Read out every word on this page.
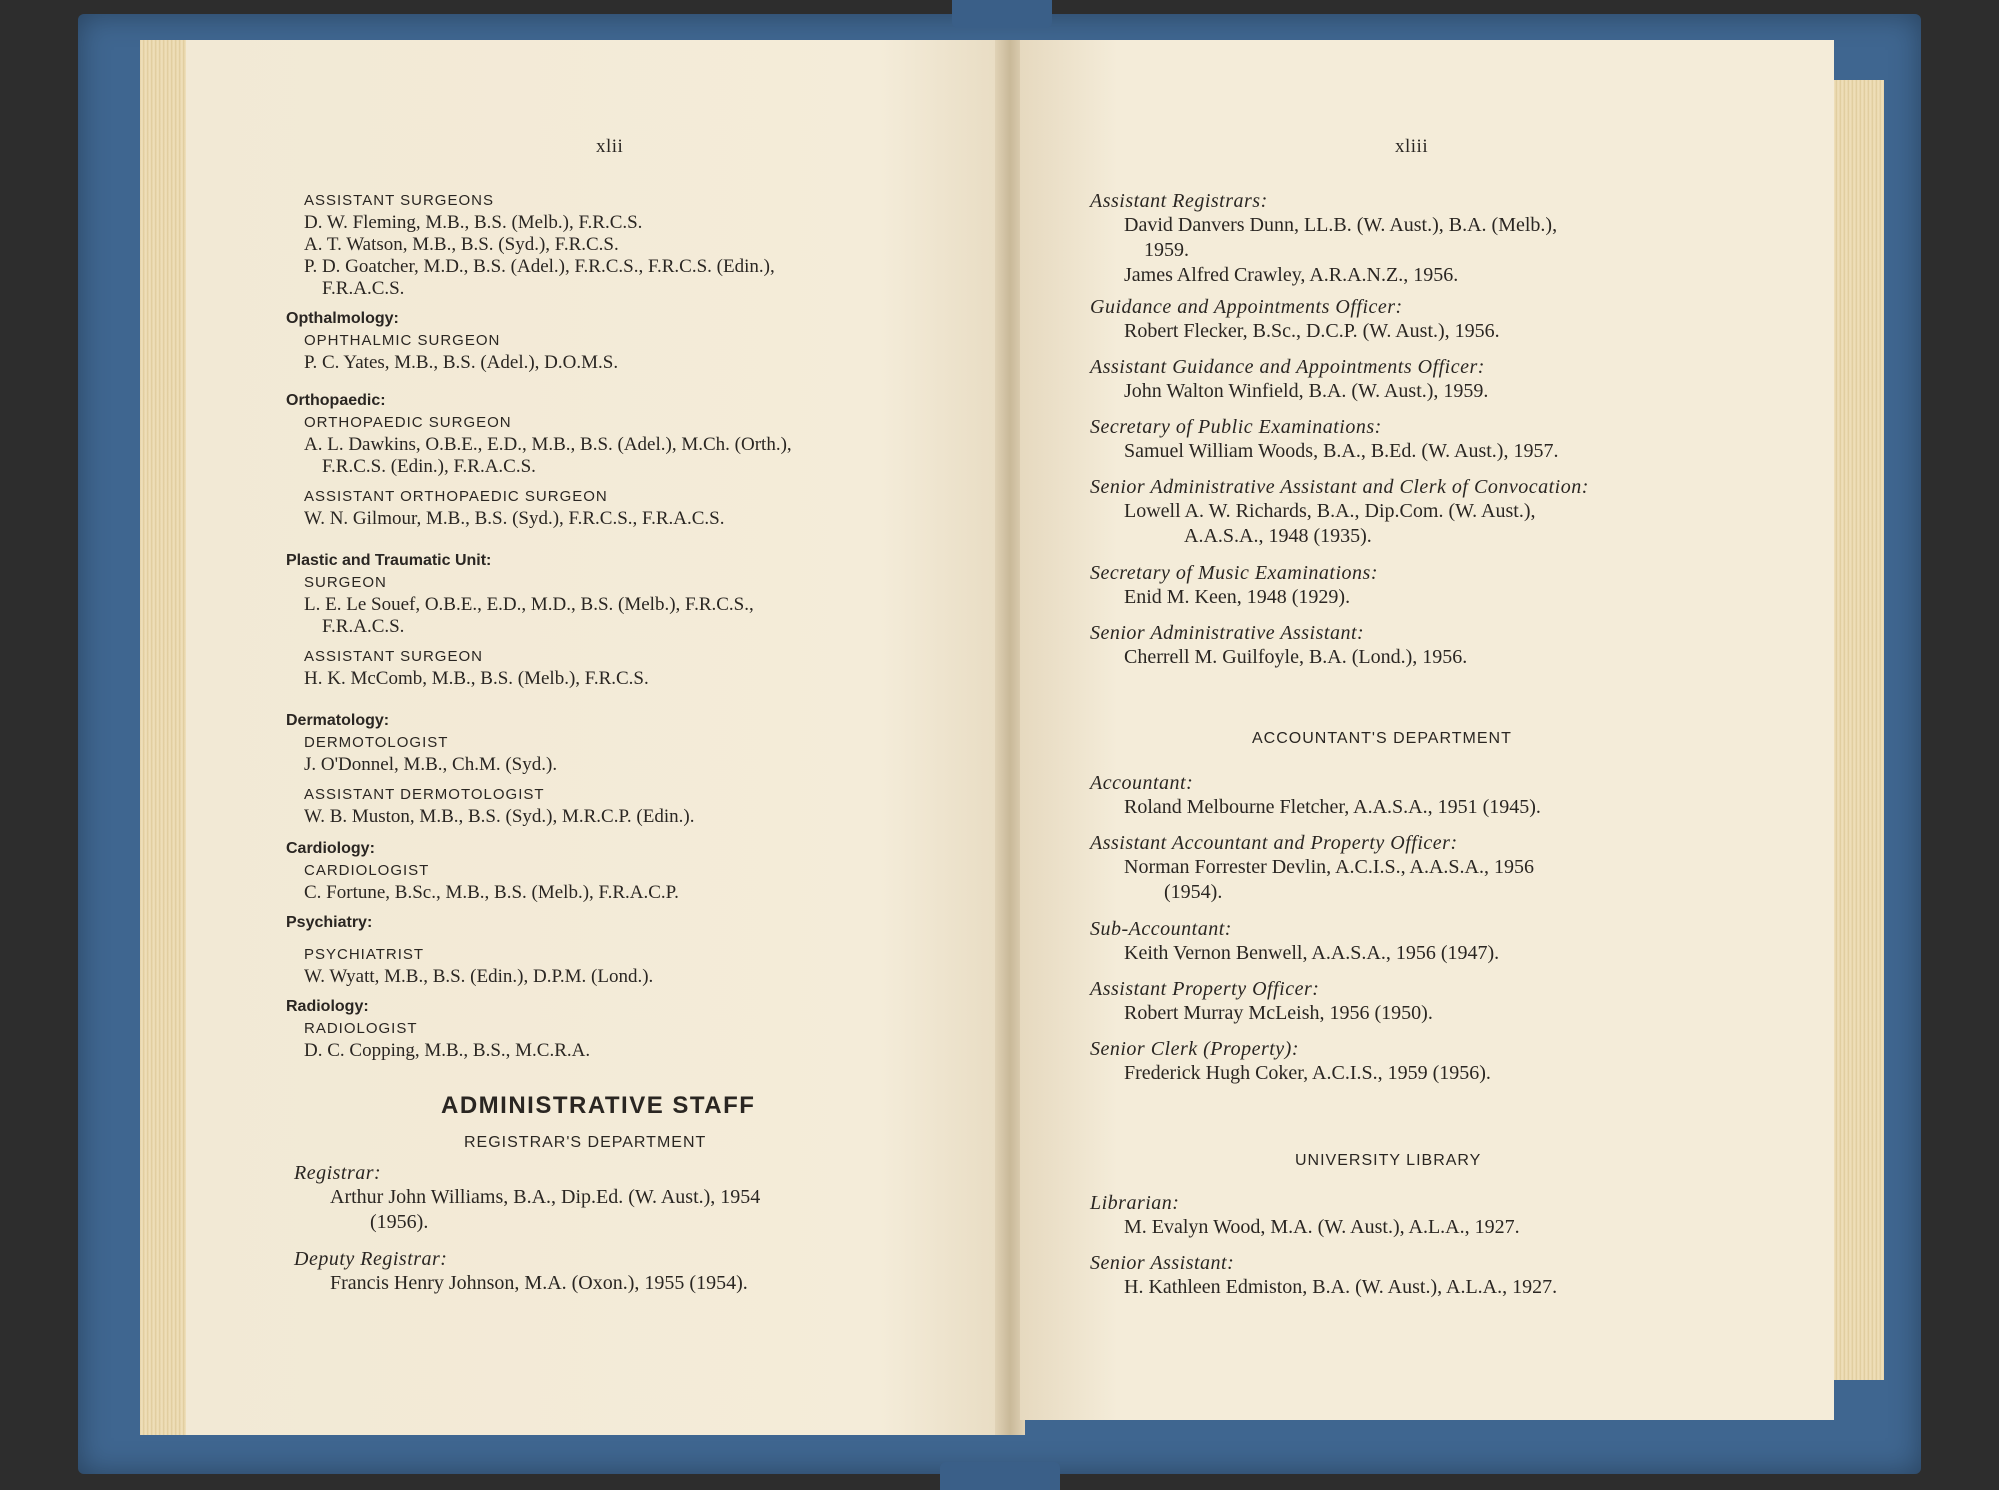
xlii
ASSISTANT SURGEONS
D. W. Fleming, M.B., B.S. (Melb.), F.R.C.S.
A. T. Watson, M.B., B.S. (Syd.), F.R.C.S.
P. D. Goatcher, M.D., B.S. (Adel.), F.R.C.S., F.R.C.S. (Edin.),
F.R.A.C.S.
Opthalmology:
OPHTHALMIC SURGEON
P. C. Yates, M.B., B.S. (Adel.), D.O.M.S.
Orthopaedic:
ORTHOPAEDIC SURGEON
A. L. Dawkins, O.B.E., E.D., M.B., B.S. (Adel.), M.Ch. (Orth.),
F.R.C.S. (Edin.), F.R.A.C.S.
ASSISTANT ORTHOPAEDIC SURGEON
W. N. Gilmour, M.B., B.S. (Syd.), F.R.C.S., F.R.A.C.S.
Plastic and Traumatic Unit:
SURGEON
L. E. Le Souef, O.B.E., E.D., M.D., B.S. (Melb.), F.R.C.S.,
F.R.A.C.S.
ASSISTANT SURGEON
H. K. McComb, M.B., B.S. (Melb.), F.R.C.S.
Dermatology:
DERMOTOLOGIST
J. O'Donnel, M.B., Ch.M. (Syd.).
ASSISTANT DERMOTOLOGIST
W. B. Muston, M.B., B.S. (Syd.), M.R.C.P. (Edin.).
Cardiology:
CARDIOLOGIST
C. Fortune, B.Sc., M.B., B.S. (Melb.), F.R.A.C.P.
Psychiatry:
PSYCHIATRIST
W. Wyatt, M.B., B.S. (Edin.), D.P.M. (Lond.).
Radiology:
RADIOLOGIST
D. C. Copping, M.B., B.S., M.C.R.A.
ADMINISTRATIVE STAFF
REGISTRAR'S DEPARTMENT
Registrar:
Arthur John Williams, B.A., Dip.Ed. (W. Aust.), 1954
(1956).
Deputy Registrar:
Francis Henry Johnson, M.A. (Oxon.), 1955 (1954).
xliii
Assistant Registrars:
David Danvers Dunn, LL.B. (W. Aust.), B.A. (Melb.),
1959.
James Alfred Crawley, A.R.A.N.Z., 1956.
Guidance and Appointments Officer:
Robert Flecker, B.Sc., D.C.P. (W. Aust.), 1956.
Assistant Guidance and Appointments Officer:
John Walton Winfield, B.A. (W. Aust.), 1959.
Secretary of Public Examinations:
Samuel William Woods, B.A., B.Ed. (W. Aust.), 1957.
Senior Administrative Assistant and Clerk of Convocation:
Lowell A. W. Richards, B.A., Dip.Com. (W. Aust.),
A.A.S.A., 1948 (1935).
Secretary of Music Examinations:
Enid M. Keen, 1948 (1929).
Senior Administrative Assistant:
Cherrell M. Guilfoyle, B.A. (Lond.), 1956.
ACCOUNTANT'S DEPARTMENT
Accountant:
Roland Melbourne Fletcher, A.A.S.A., 1951 (1945).
Assistant Accountant and Property Officer:
Norman Forrester Devlin, A.C.I.S., A.A.S.A., 1956
(1954).
Sub-Accountant:
Keith Vernon Benwell, A.A.S.A., 1956 (1947).
Assistant Property Officer:
Robert Murray McLeish, 1956 (1950).
Senior Clerk (Property):
Frederick Hugh Coker, A.C.I.S., 1959 (1956).
UNIVERSITY LIBRARY
Librarian:
M. Evalyn Wood, M.A. (W. Aust.), A.L.A., 1927.
Senior Assistant:
H. Kathleen Edmiston, B.A. (W. Aust.), A.L.A., 1927.
